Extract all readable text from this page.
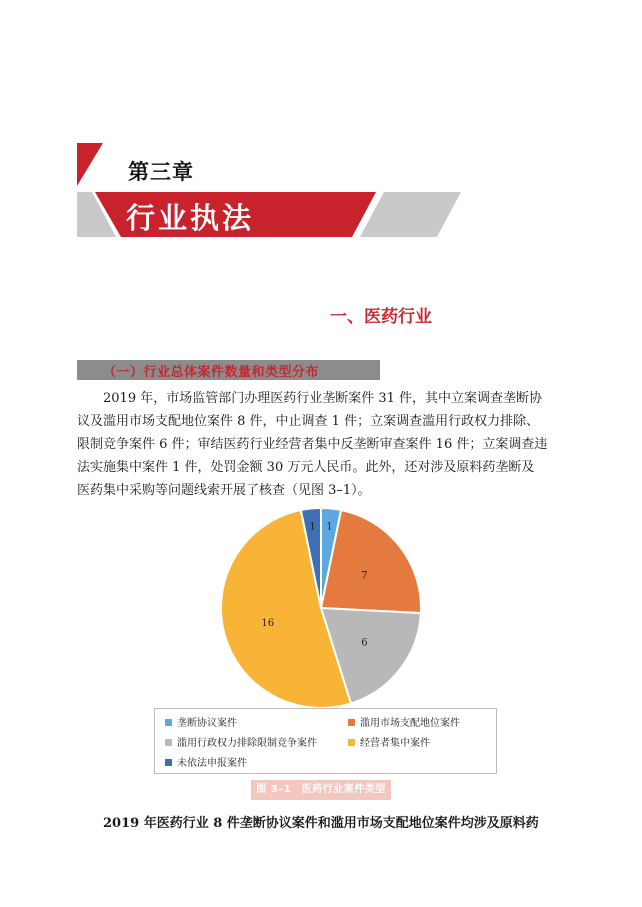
第三章
行业执法
一、医药行业
（一）行业总体案件数量和类型分布
2019 年，市场监管部门办理医药行业垄断案件 31 件，其中立案调查垄断协
议及滥用市场支配地位案件 8 件，中止调查 1 件；立案调查滥用行政权力排除、
限制竞争案件 6 件；审结医药行业经营者集中反垄断审查案件 16 件；立案调查违
法实施集中案件 1 件，处罚金额 30 万元人民币。此外，还对涉及原料药垄断及
医药集中采购等问题线索开展了核查（见图 3–1）。
1
7
6
16
1
垄断协议案件	滥用市场支配地位案件
滥用行政权力排除限制竞争案件	经营者集中案件
未依法申报案件
图 3–1　医药行业案件类型
2019 年医药行业 8 件垄断协议案件和滥用市场支配地位案件均涉及原料药
